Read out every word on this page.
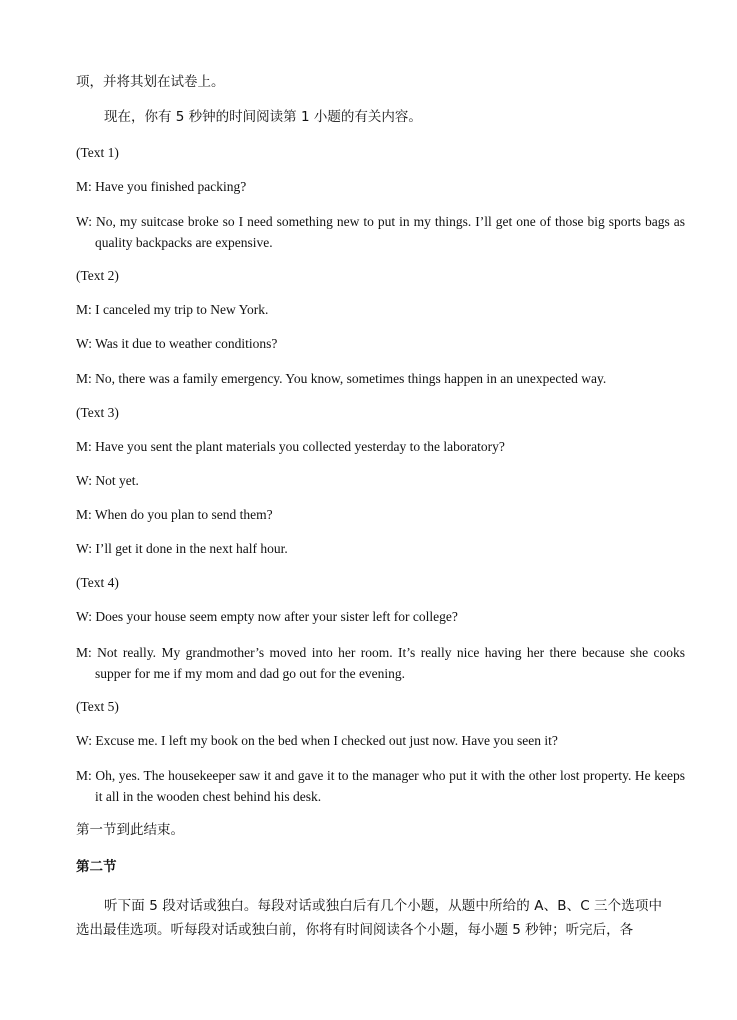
项，并将其划在试卷上。
现在，你有 5 秒钟的时间阅读第 1 小题的有关内容。
(Text 1)
M: Have you finished packing?
W: No, my suitcase broke so I need something new to put in my things. I’ll get one of those big sports bags as quality backpacks are expensive.
(Text 2)
M: I canceled my trip to New York.
W: Was it due to weather conditions?
M: No, there was a family emergency. You know, sometimes things happen in an unexpected way.
(Text 3)
M: Have you sent the plant materials you collected yesterday to the laboratory?
W: Not yet.
M: When do you plan to send them?
W: I’ll get it done in the next half hour.
(Text 4)
W: Does your house seem empty now after your sister left for college?
M: Not really. My grandmother’s moved into her room. It’s really nice having her there because she cooks supper for me if my mom and dad go out for the evening.
(Text 5)
W: Excuse me. I left my book on the bed when I checked out just now. Have you seen it?
M: Oh, yes. The housekeeper saw it and gave it to the manager who put it with the other lost property. He keeps it all in the wooden chest behind his desk.
第一节到此结束。
第二节
听下面 5 段对话或独白。每段对话或独白后有几个小题，从题中所给的 A、B、C 三个选项中选出最佳选项。听每段对话或独白前，你将有时间阅读各个小题，每小题 5 秒钟；听完后，各
